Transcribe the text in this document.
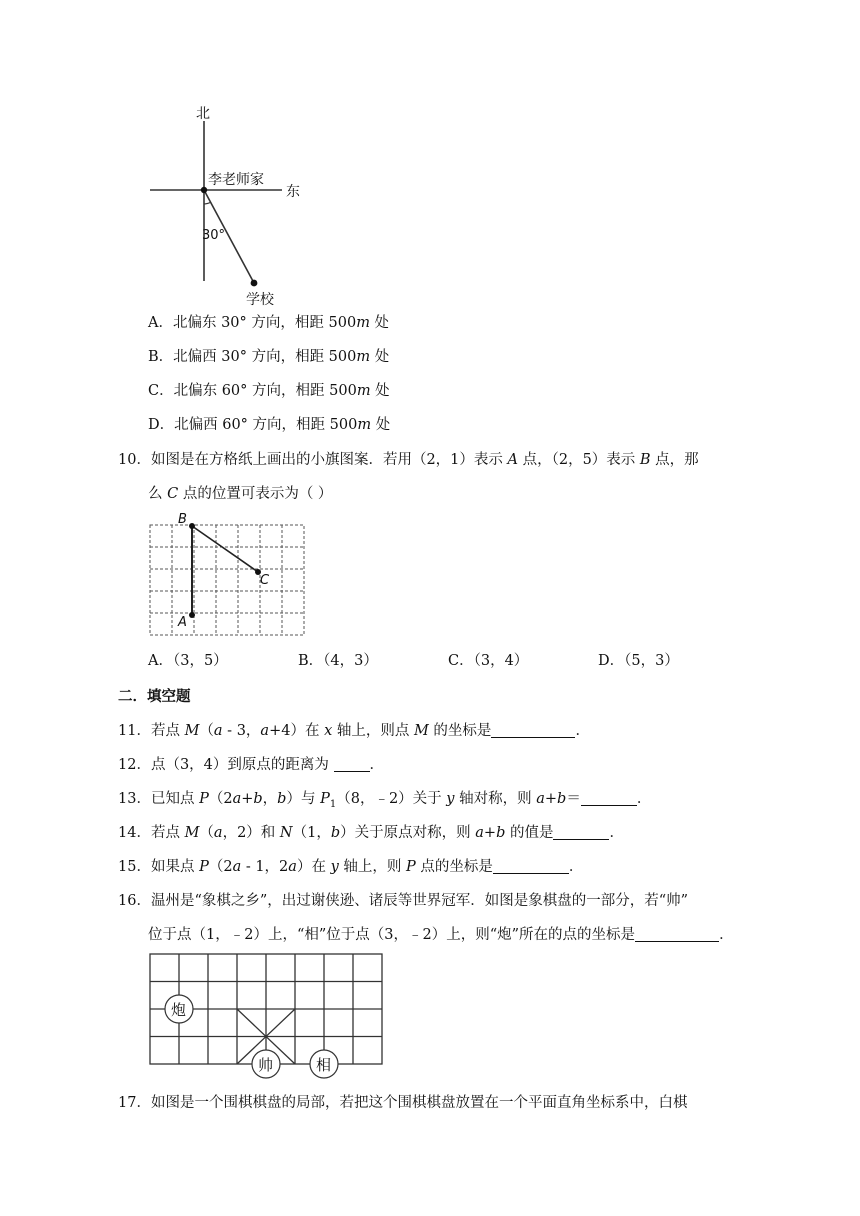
北
东
李老师家
30°
学校
A．北偏东 30° 方向，相距 500m 处
B．北偏西 30° 方向，相距 500m 处
C．北偏东 60° 方向，相距 500m 处
D．北偏西 60° 方向，相距 500m 处
10．如图是在方格纸上画出的小旗图案．若用（2，1）表示 A 点，（2，5）表示 B 点，那
么 C 点的位置可表示为（ ）
B
C
A
A．（3，5）	B．（4，3）	C．（3，4）	D．（5，3）
二．填空题
11．若点 M（a - 3，a+4）在 x 轴上，则点 M 的坐标是	．
12．点（3，4）到原点的距离为 ．
13．已知点 P（2a+b，b）与 $P_1(8$，﹣2）关于 y 轴对称，则 a+b＝	．
14．若点 M（a，2）和 N（1，b）关于原点对称，则 a+b 的值是	．
15．如果点 P（2a - 1，2a）在 y 轴上，则 P 点的坐标是	．
16．温州是“象棋之乡”，出过谢侠逊、诸辰等世界冠军．如图是象棋盘的一部分，若“帅”
位于点（1，﹣2）上，“相”位于点（3，﹣2）上，则“炮”所在的点的坐标是	．
炮
帅	相
17．如图是一个围棋棋盘的局部，若把这个围棋棋盘放置在一个平面直角坐标系中，白棋
